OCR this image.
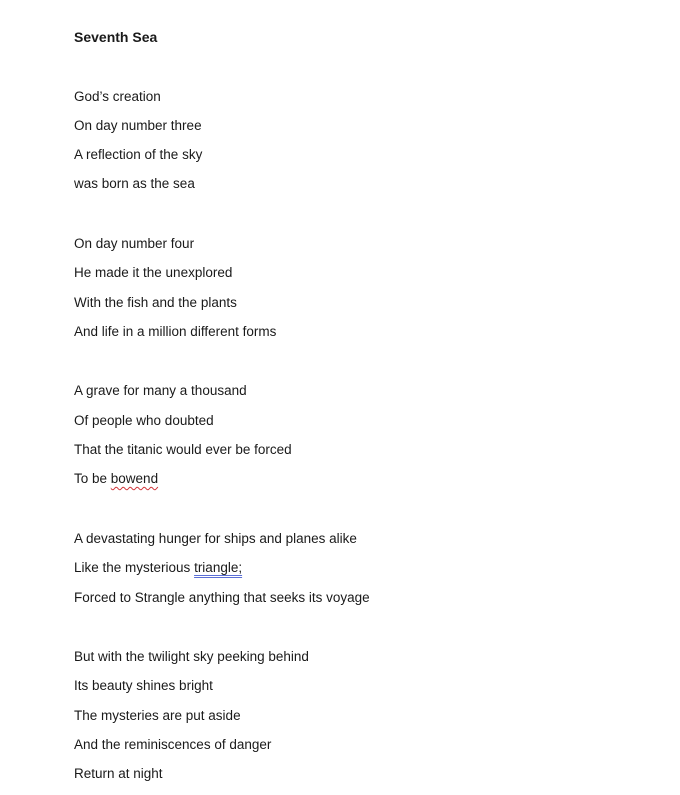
Seventh Sea
God’s creation
On day number three
A reflection of the sky
was born as the sea
On day number four
He made it the unexplored
With the fish and the plants
And life in a million different forms
A grave for many a thousand
Of people who doubted
That the titanic would ever be forced
To be bowend
A devastating hunger for ships and planes alike
Like the mysterious triangle;
Forced to Strangle anything that seeks its voyage
But with the twilight sky peeking behind
Its beauty shines bright
The mysteries are put aside
And the reminiscences of danger
Return at night
